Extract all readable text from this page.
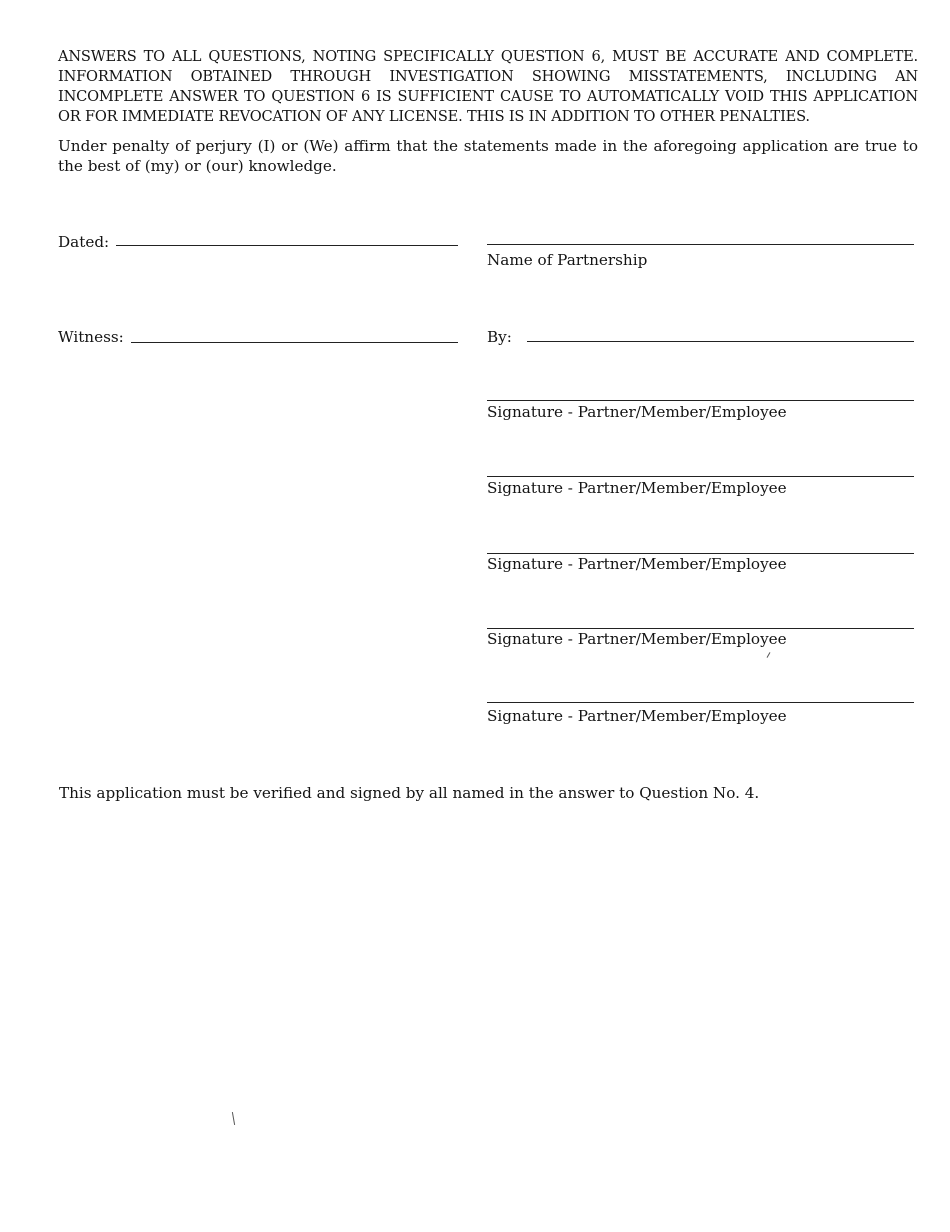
ANSWERS TO ALL QUESTIONS, NOTING SPECIFICALLY QUESTION 6, MUST BE ACCURATE AND COMPLETE. INFORMATION OBTAINED THROUGH INVESTIGATION SHOWING MISSTATEMENTS, INCLUDING AN INCOMPLETE ANSWER TO QUESTION 6 IS SUFFICIENT CAUSE TO AUTOMATICALLY VOID THIS APPLICATION OR FOR IMMEDIATE REVOCATION OF ANY LICENSE. THIS IS IN ADDITION TO OTHER PENALTIES.
Under penalty of perjury (I) or (We) affirm that the statements made in the aforegoing application are true to the best of (my) or (our) knowledge.
Dated:
Name of Partnership
Witness:	By:
Signature - Partner/Member/Employee
Signature - Partner/Member/Employee
Signature - Partner/Member/Employee
Signature - Partner/Member/Employee
Signature - Partner/Member/Employee
This application must be verified and signed by all named in the answer to Question No. 4.
